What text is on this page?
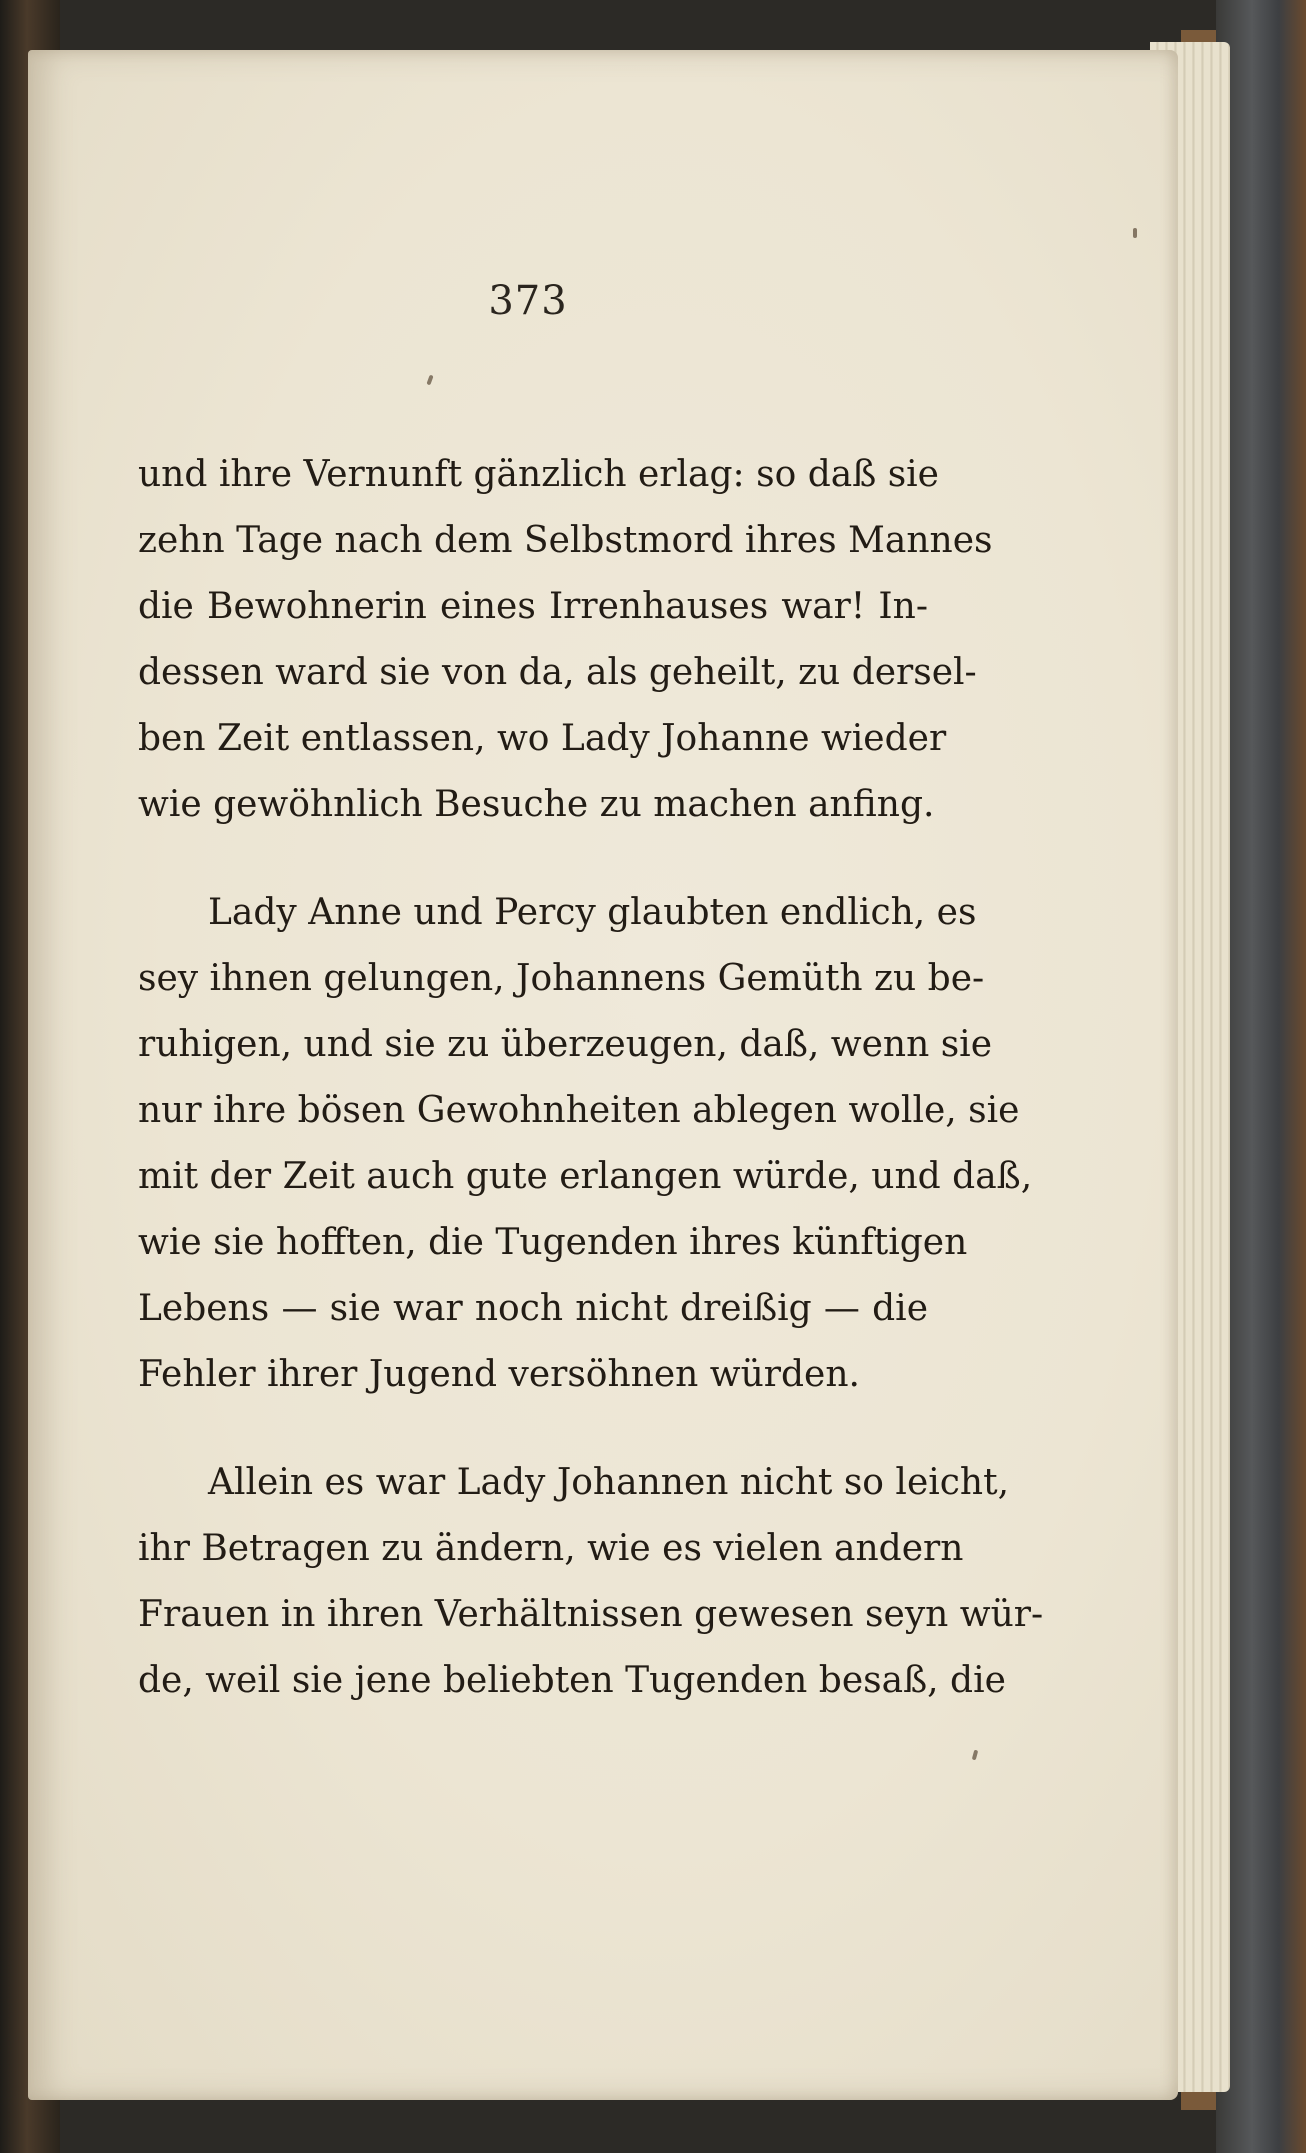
373
und ihre Vernunft gänzlich erlag: so daß sie
zehn Tage nach dem Selbstmord ihres Mannes
die Bewohnerin eines Irrenhauses war! In-
dessen ward sie von da, als geheilt, zu dersel-
ben Zeit entlassen, wo Lady Johanne wieder
wie gewöhnlich Besuche zu machen anfing.
Lady Anne und Percy glaubten endlich, es
sey ihnen gelungen, Johannens Gemüth zu be-
ruhigen, und sie zu überzeugen, daß, wenn sie
nur ihre bösen Gewohnheiten ablegen wolle, sie
mit der Zeit auch gute erlangen würde, und daß,
wie sie hofften, die Tugenden ihres künftigen
Lebens — sie war noch nicht dreißig — die
Fehler ihrer Jugend versöhnen würden.
Allein es war Lady Johannen nicht so leicht,
ihr Betragen zu ändern, wie es vielen andern
Frauen in ihren Verhältnissen gewesen seyn wür-
de, weil sie jene beliebten Tugenden besaß, die
